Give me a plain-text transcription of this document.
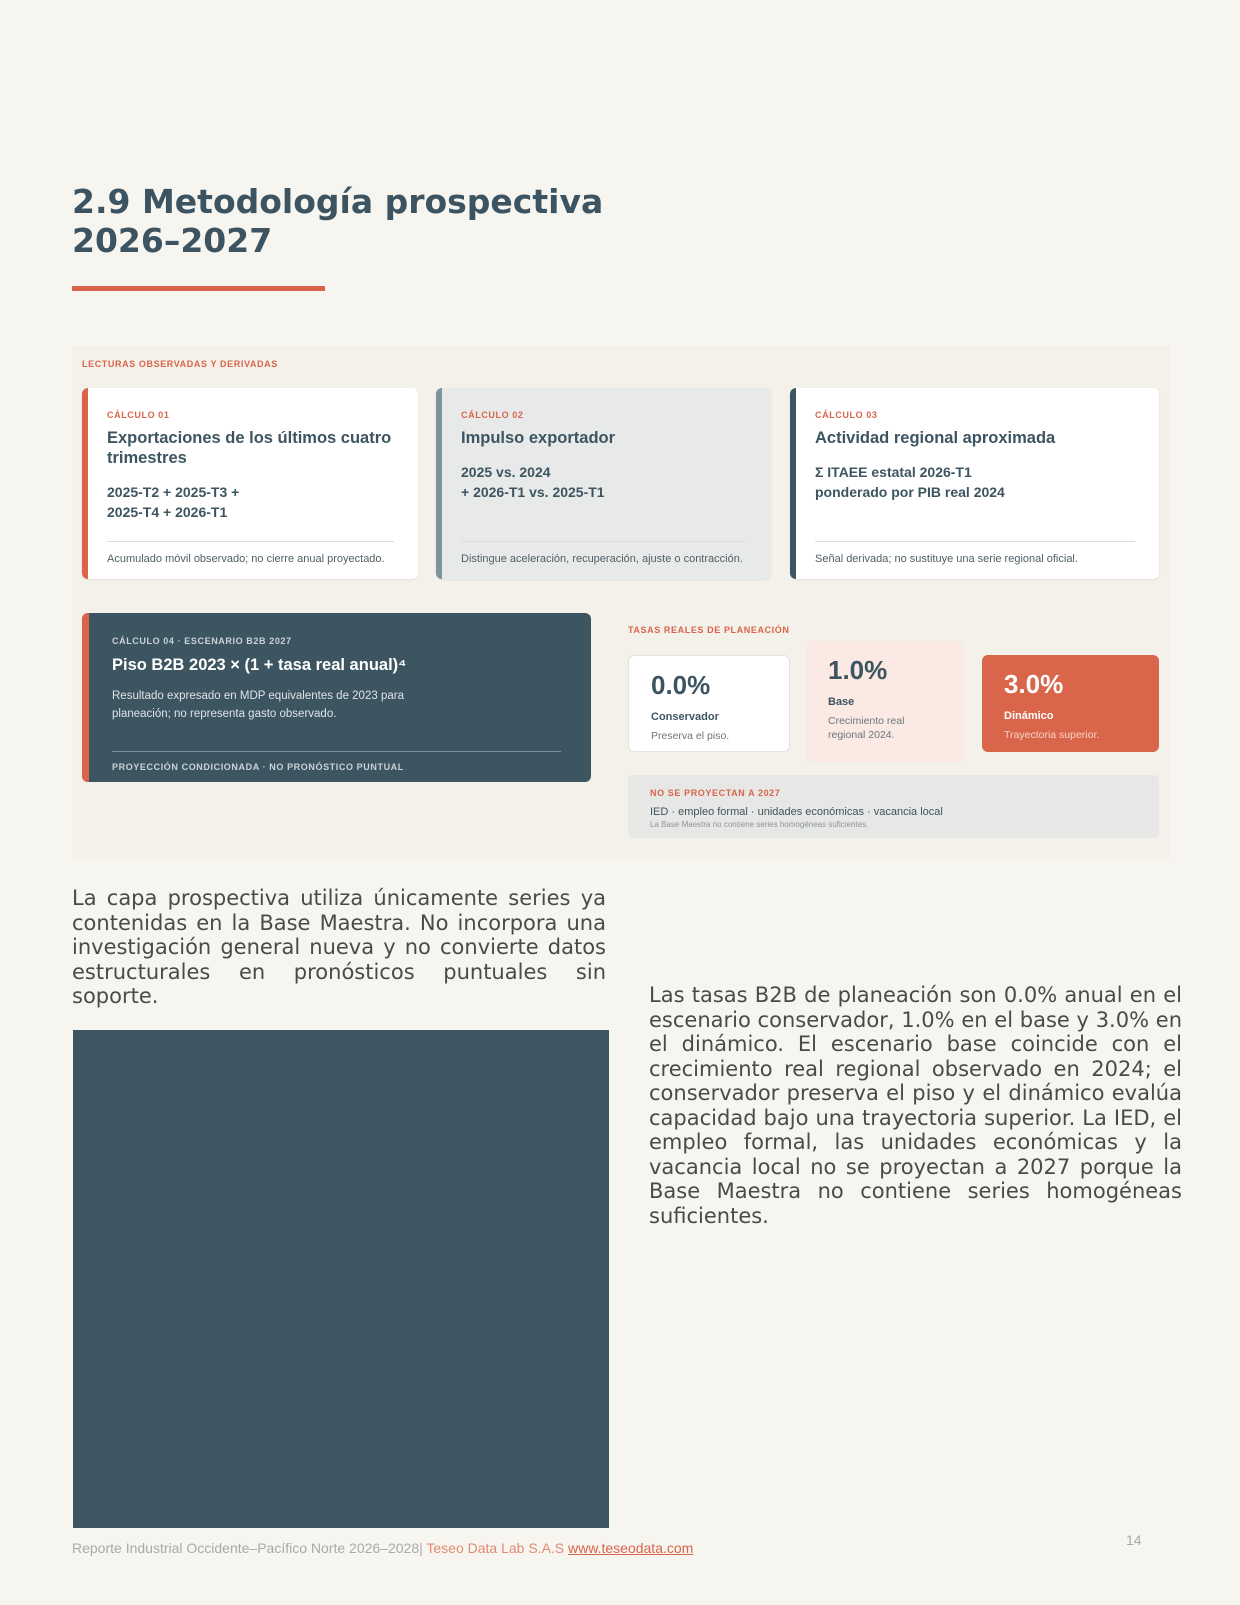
2.9 Metodología prospectiva 2026–2027
LECTURAS OBSERVADAS Y DERIVADAS
CÁLCULO 01
Exportaciones de los últimos cuatro trimestres
2025-T2 + 2025-T3 +
2025-T4 + 2026-T1
Acumulado móvil observado; no cierre anual proyectado.
CÁLCULO 02
Impulso exportador
2025 vs. 2024
+ 2026-T1 vs. 2025-T1
Distingue aceleración, recuperación, ajuste o contracción.
CÁLCULO 03
Actividad regional aproximada
Σ ITAEE estatal 2026-T1
ponderado por PIB real 2024
Señal derivada; no sustituye una serie regional oficial.
CÁLCULO 04 · ESCENARIO B2B 2027
Piso B2B 2023 × (1 + tasa real anual)⁴
Resultado expresado en MDP equivalentes de 2023 para planeación; no representa gasto observado.
PROYECCIÓN CONDICIONADA · NO PRONÓSTICO PUNTUAL
TASAS REALES DE PLANEACIÓN
0.0%
Conservador
Preserva el piso.
1.0%
Base
Crecimiento real regional 2024.
3.0%
Dinámico
Trayectoria superior.
NO SE PROYECTAN A 2027
IED · empleo formal · unidades económicas · vacancia local
La Base Maestra no contiene series homogéneas suficientes.

La capa prospectiva utiliza únicamente series ya contenidas en la Base Maestra. No incorpora una investigación general nueva y no convierte datos estructurales en pronósticos puntuales sin soporte.	Las tasas B2B de planeación son 0.0% anual en el escenario conservador, 1.0% en el base y 3.0% en el dinámico. El escenario base coincide con el crecimiento real regional observado en 2024; el conservador preserva el piso y el dinámico evalúa capacidad bajo una trayectoria superior. La IED, el empleo formal, las unidades económicas y la vacancia local no se proyectan a 2027 porque la Base Maestra no contiene series homogéneas suficientes.

Reporte Industrial Occidente–Pacífico Norte 2026–2028| Teseo Data Lab S.A.S www.teseodata.com	14
